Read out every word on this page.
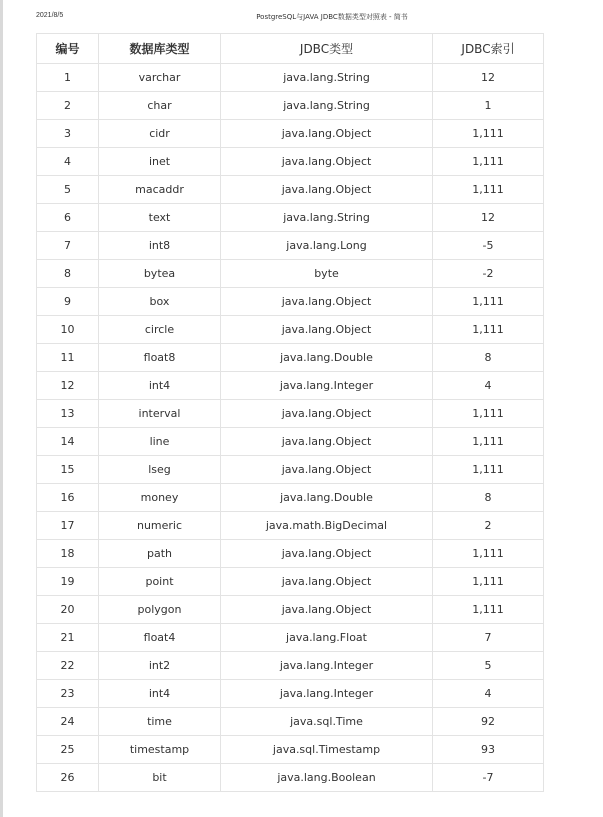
2021/8/5	PostgreSQL与JAVA JDBC数据类型对照表 - 简书
编号	数据库类型	JDBC类型	JDBC索引
1	varchar	java.lang.String	12
2	char	java.lang.String	1
3	cidr	java.lang.Object	1,111
4	inet	java.lang.Object	1,111
5	macaddr	java.lang.Object	1,111
6	text	java.lang.String	12
7	int8	java.lang.Long	-5
8	bytea	byte	-2
9	box	java.lang.Object	1,111
10	circle	java.lang.Object	1,111
11	float8	java.lang.Double	8
12	int4	java.lang.Integer	4
13	interval	java.lang.Object	1,111
14	line	java.lang.Object	1,111
15	lseg	java.lang.Object	1,111
16	money	java.lang.Double	8
17	numeric	java.math.BigDecimal	2
18	path	java.lang.Object	1,111
19	point	java.lang.Object	1,111
20	polygon	java.lang.Object	1,111
21	float4	java.lang.Float	7
22	int2	java.lang.Integer	5
23	int4	java.lang.Integer	4
24	time	java.sql.Time	92
25	timestamp	java.sql.Timestamp	93
26	bit	java.lang.Boolean	-7
